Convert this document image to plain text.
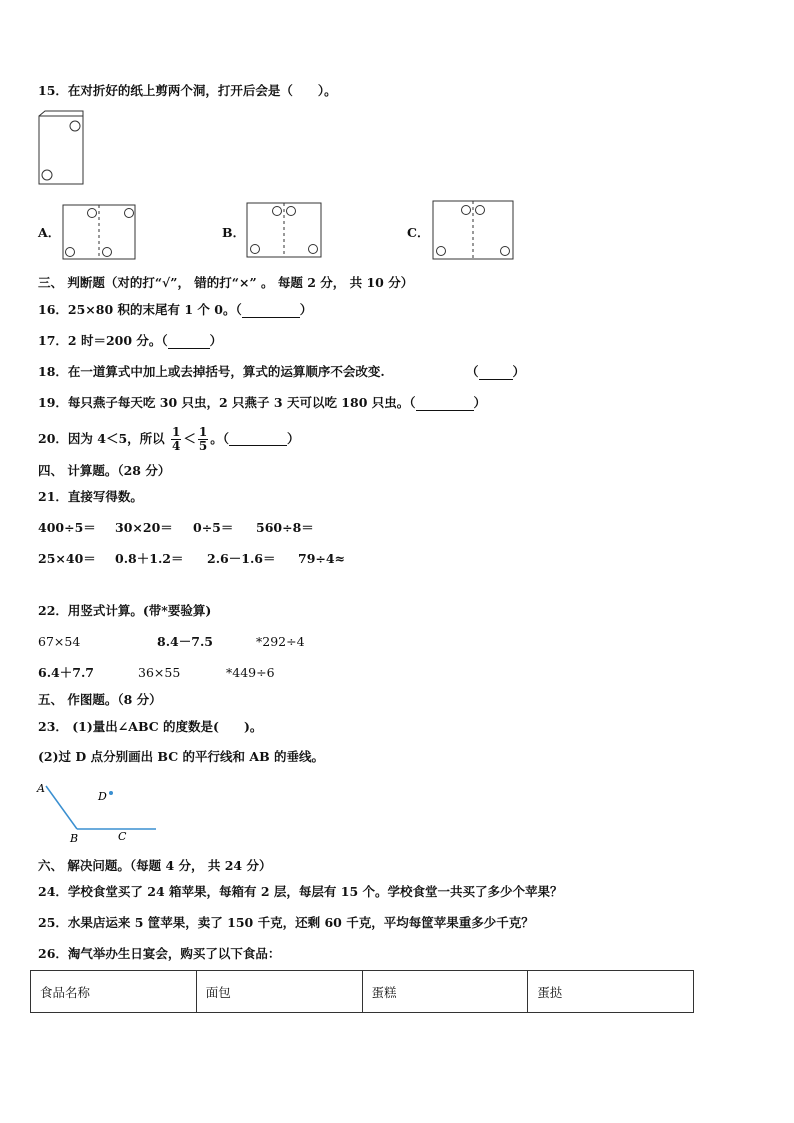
15．在对折好的纸上剪两个洞，打开后会是（　　）。
A．	B．	C．
三、 判断题（对的打“√”， 错的打“×” 。 每题 2 分， 共 10 分）
16．25×80 积的末尾有 1 个 0。（	）
17．2 时＝200 分。（	）
18．在一道算式中加上或去掉括号，算式的运算顺序不会改变.	（	）
19．每只燕子每天吃 30 只虫，2 只燕子 3 天可以吃 180 只虫。（	）
20．因为 4＜5，所以 $\frac{1}{4} < \frac{1}{5}$ 。（	）
四、 计算题。（28 分）
21．直接写得数。
400÷5＝ 30×20＝ 0÷5＝ 560÷8＝
25×40＝ 0.8＋1.2＝ 2.6－1.6＝ 79÷4≈
22．用竖式计算。(带*要验算)
67×54	8.4－7.5	*292÷4
6.4＋7.7	36×55	*449÷6
五、 作图题。（8 分）
23． (1)量出∠ABC 的度数是(　　)。
(2)过 D 点分别画出 BC 的平行线和 AB 的垂线。
A
B	C
D
六、 解决问题。（每题 4 分， 共 24 分）
24．学校食堂买了 24 箱苹果，每箱有 2 层，每层有 15 个。学校食堂一共买了多少个苹果？
25．水果店运来 5 筐苹果，卖了 150 千克，还剩 60 千克，平均每筐苹果重多少千克？
26．淘气举办生日宴会，购买了以下食品：
食品名称	面包	蛋糕	蛋挞
